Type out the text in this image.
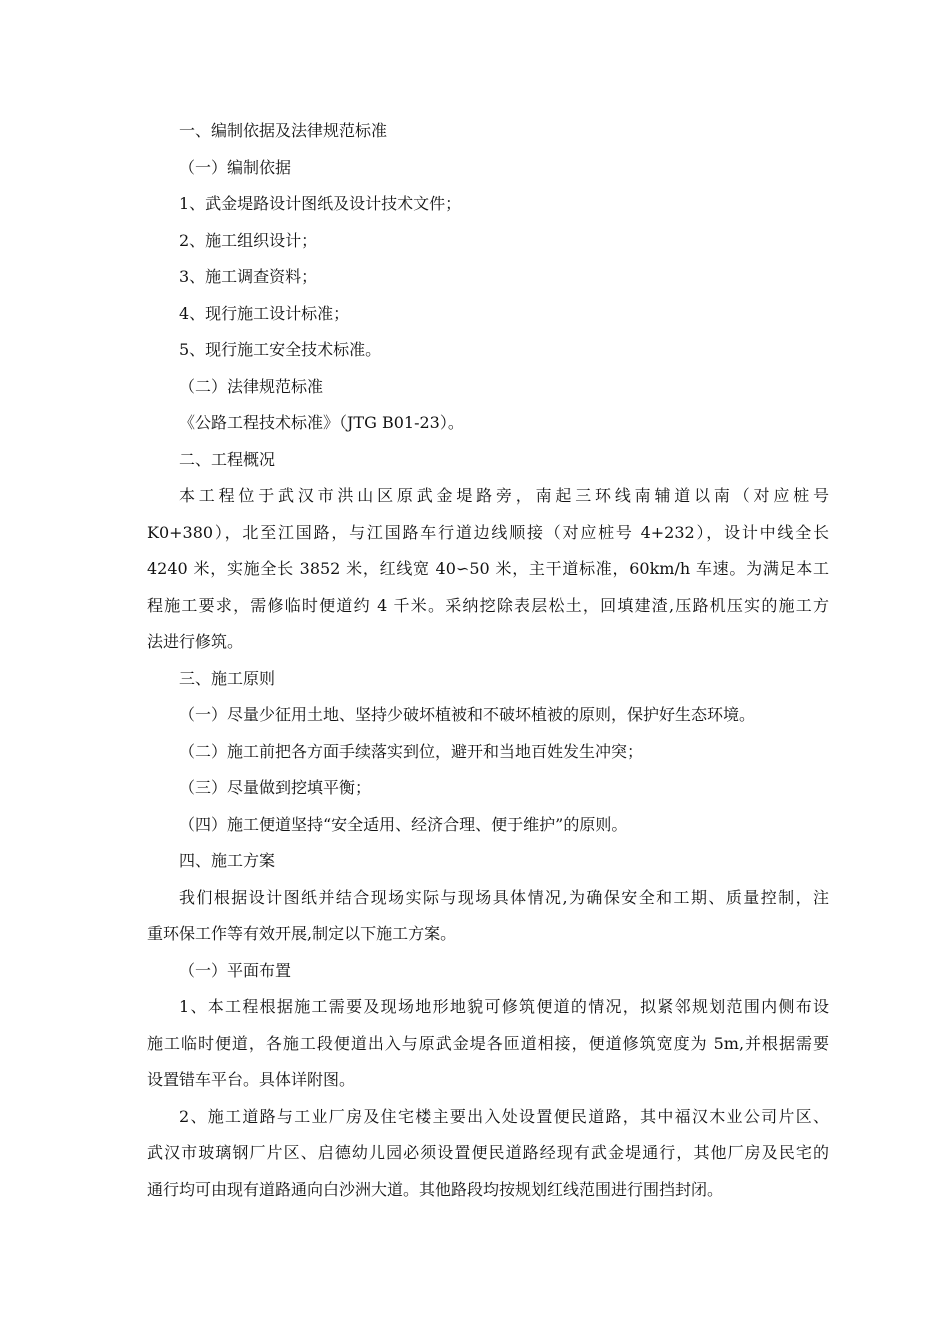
一、编制依据及法律规范标准

（一）编制依据

1、武金堤路设计图纸及设计技术文件；

2、施工组织设计；

3、施工调查资料；

4、现行施工设计标准；

5、现行施工安全技术标准。

（二）法律规范标准

《公路工程技术标准》（JTG B01-23）。

二、工程概况

本工程位于武汉市洪山区原武金堤路旁，南起三环线南辅道以南（对应桩号
K0+380），北至江国路，与江国路车行道边线顺接（对应桩号 4+232），设计中线全长
4240 米，实施全长 3852 米，红线宽 40∽50 米，主干道标准，60km/h 车速。为满足本工
程施工要求，需修临时便道约 4 千米。采纳挖除表层松土，回填建渣,压路机压实的施工方
法进行修筑。

三、施工原则

（一）尽量少征用土地、坚持少破坏植被和不破坏植被的原则，保护好生态环境。

（二）施工前把各方面手续落实到位，避开和当地百姓发生冲突；

（三）尽量做到挖填平衡；

（四）施工便道坚持“安全适用、经济合理、便于维护”的原则。

四、施工方案

我们根据设计图纸并结合现场实际与现场具体情况,为确保安全和工期、质量控制，注
重环保工作等有效开展,制定以下施工方案。

（一）平面布置

1、本工程根据施工需要及现场地形地貌可修筑便道的情况，拟紧邻规划范围内侧布设
施工临时便道，各施工段便道出入与原武金堤各匝道相接，便道修筑宽度为 5m,并根据需要
设置错车平台。具体详附图。
2、施工道路与工业厂房及住宅楼主要出入处设置便民道路，其中福汉木业公司片区、
武汉市玻璃钢厂片区、启德幼儿园必须设置便民道路经现有武金堤通行，其他厂房及民宅的
通行均可由现有道路通向白沙洲大道。其他路段均按规划红线范围进行围挡封闭。
